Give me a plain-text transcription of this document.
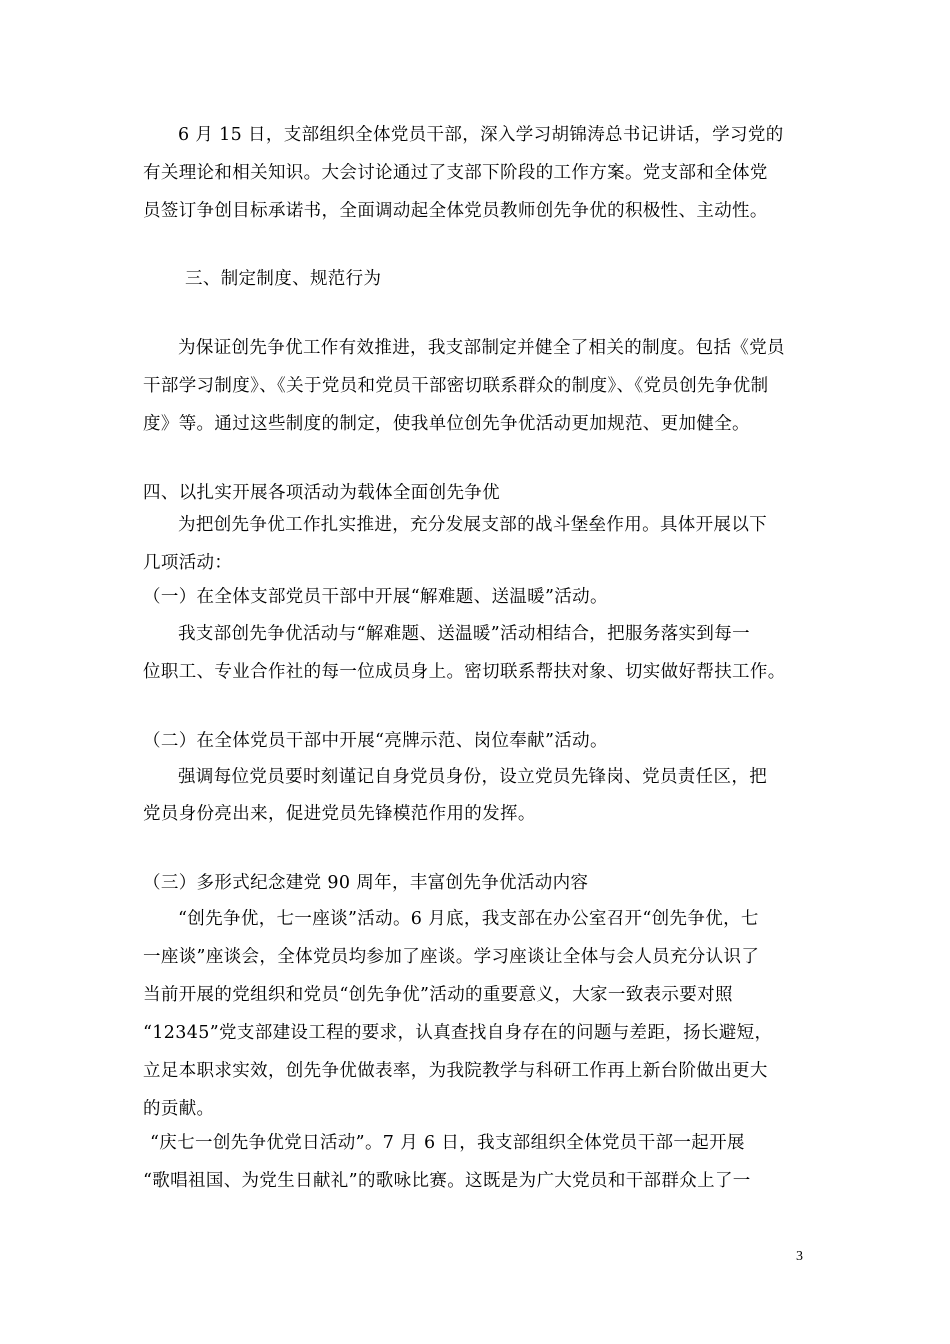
6 月 15 日，支部组织全体党员干部，深入学习胡锦涛总书记讲话，学习党的
有关理论和相关知识。大会讨论通过了支部下阶段的工作方案。党支部和全体党
员签订争创目标承诺书，全面调动起全体党员教师创先争优的积极性、主动性。
三、制定制度、规范行为
为保证创先争优工作有效推进，我支部制定并健全了相关的制度。包括《党员
干部学习制度》、《关于党员和党员干部密切联系群众的制度》、《党员创先争优制
度》等。通过这些制度的制定，使我单位创先争优活动更加规范、更加健全。
四、以扎实开展各项活动为载体全面创先争优
为把创先争优工作扎实推进，充分发展支部的战斗堡垒作用。具体开展以下
几项活动：
（一）在全体支部党员干部中开展“解难题、送温暖”活动。
我支部创先争优活动与“解难题、送温暖”活动相结合，把服务落实到每一
位职工、专业合作社的每一位成员身上。密切联系帮扶对象、切实做好帮扶工作。
（二）在全体党员干部中开展“亮牌示范、岗位奉献”活动。
强调每位党员要时刻谨记自身党员身份，设立党员先锋岗、党员责任区，把
党员身份亮出来，促进党员先锋模范作用的发挥。
（三）多形式纪念建党 90 周年，丰富创先争优活动内容
“创先争优，七一座谈”活动。6 月底，我支部在办公室召开“创先争优，七
一座谈”座谈会，全体党员均参加了座谈。学习座谈让全体与会人员充分认识了
当前开展的党组织和党员“创先争优”活动的重要意义，大家一致表示要对照
“12345”党支部建设工程的要求，认真查找自身存在的问题与差距，扬长避短，
立足本职求实效，创先争优做表率，为我院教学与科研工作再上新台阶做出更大
的贡献。
“庆七一创先争优党日活动”。7 月 6 日，我支部组织全体党员干部一起开展
“歌唱祖国、为党生日献礼”的歌咏比赛。这既是为广大党员和干部群众上了一
3
